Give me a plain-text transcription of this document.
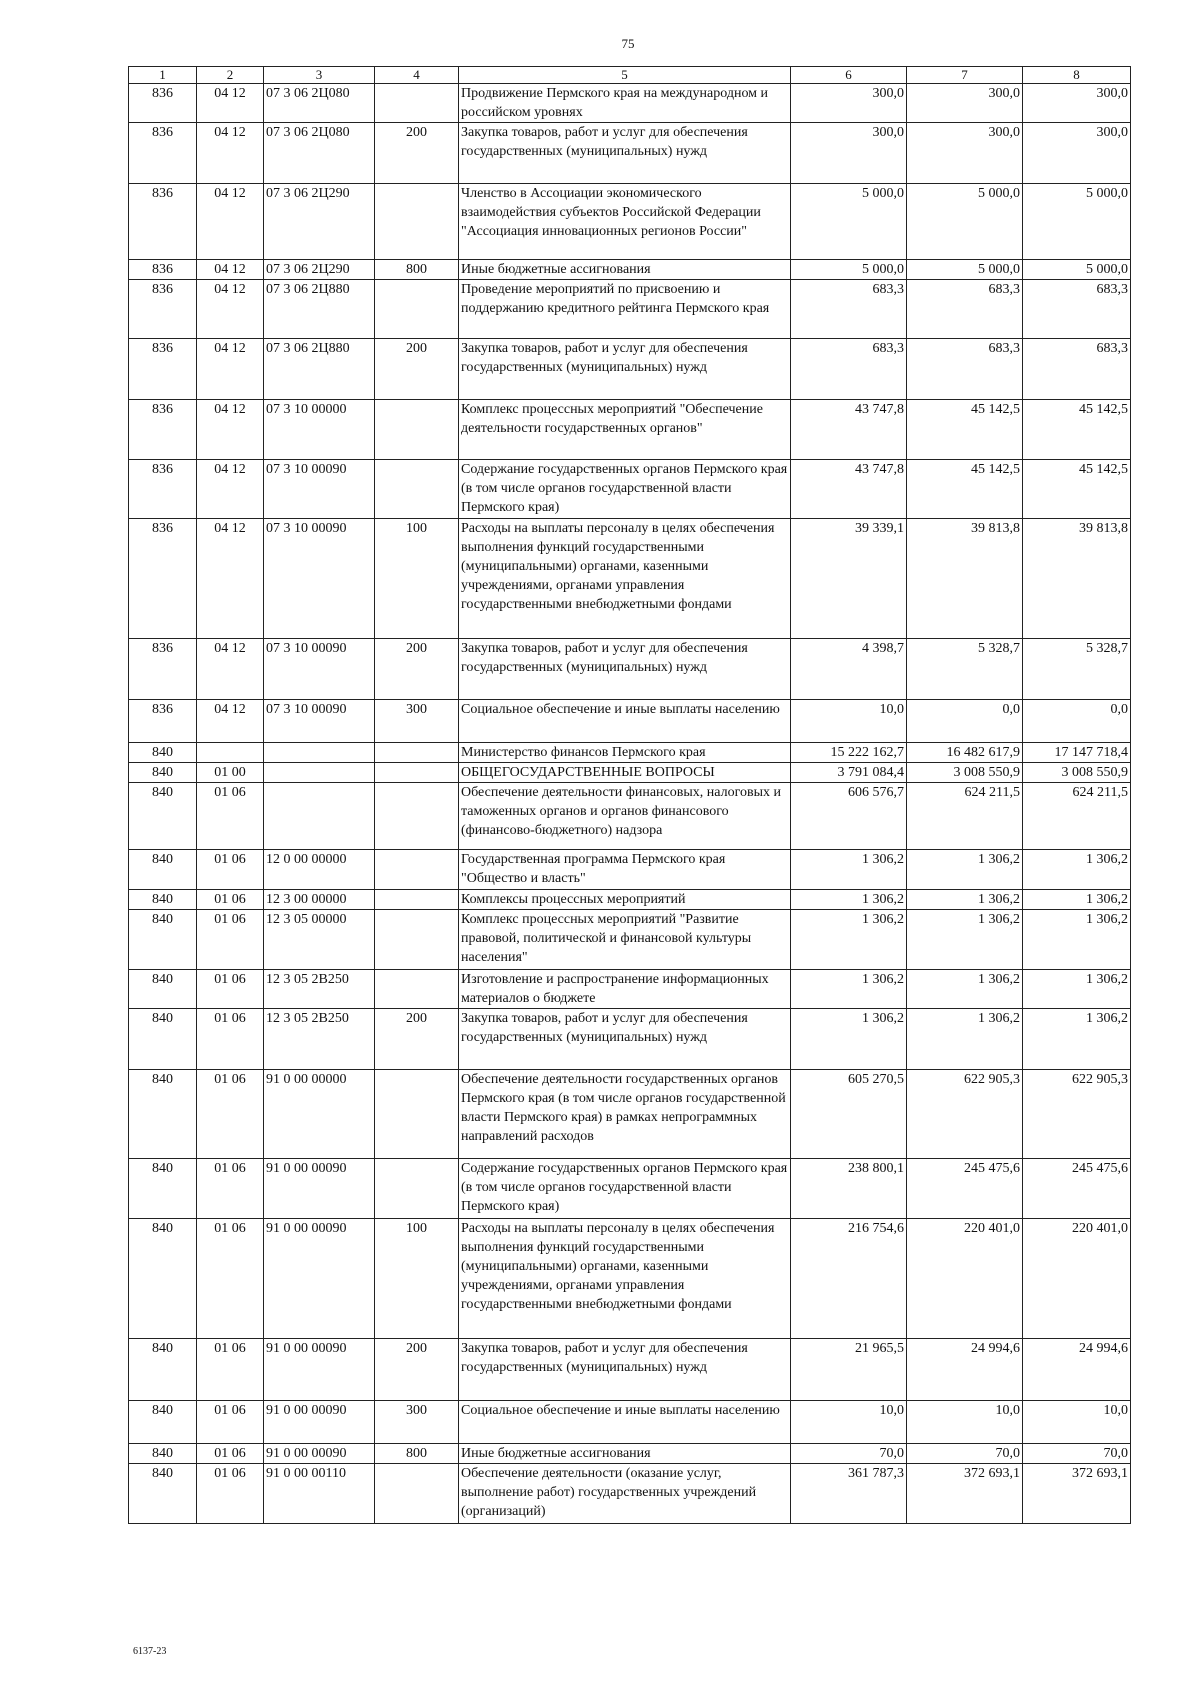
75
1	2	3	4	5	6	7	8
836	04 12	07 3 06 2Ц080		Продвижение Пермского края на международном и российском уровнях	300,0	300,0	300,0
836	04 12	07 3 06 2Ц080	200	Закупка товаров, работ и услуг для обеспечения государственных (муниципальных) нужд	300,0	300,0	300,0
836	04 12	07 3 06 2Ц290		Членство в Ассоциации экономического взаимодействия субъектов Российской Федерации "Ассоциация инновационных регионов России"	5 000,0	5 000,0	5 000,0
836	04 12	07 3 06 2Ц290	800	Иные бюджетные ассигнования	5 000,0	5 000,0	5 000,0
836	04 12	07 3 06 2Ц880		Проведение мероприятий по присвоению и поддержанию кредитного рейтинга Пермского края	683,3	683,3	683,3
836	04 12	07 3 06 2Ц880	200	Закупка товаров, работ и услуг для обеспечения государственных (муниципальных) нужд	683,3	683,3	683,3
836	04 12	07 3 10 00000		Комплекс процессных мероприятий "Обеспечение деятельности государственных органов"	43 747,8	45 142,5	45 142,5
836	04 12	07 3 10 00090		Содержание государственных органов Пермского края (в том числе органов государственной власти Пермского края)	43 747,8	45 142,5	45 142,5
836	04 12	07 3 10 00090	100	Расходы на выплаты персоналу в целях обеспечения выполнения функций государственными (муниципальными) органами, казенными учреждениями, органами управления государственными внебюджетными фондами	39 339,1	39 813,8	39 813,8
836	04 12	07 3 10 00090	200	Закупка товаров, работ и услуг для обеспечения государственных (муниципальных) нужд	4 398,7	5 328,7	5 328,7
836	04 12	07 3 10 00090	300	Социальное обеспечение и иные выплаты населению	10,0	0,0	0,0
840				Министерство финансов Пермского края	15 222 162,7	16 482 617,9	17 147 718,4
840	01 00			ОБЩЕГОСУДАРСТВЕННЫЕ ВОПРОСЫ	3 791 084,4	3 008 550,9	3 008 550,9
840	01 06			Обеспечение деятельности финансовых, налоговых и таможенных органов и органов финансового (финансово-бюджетного) надзора	606 576,7	624 211,5	624 211,5
840	01 06	12 0 00 00000		Государственная программа Пермского края "Общество и власть"	1 306,2	1 306,2	1 306,2
840	01 06	12 3 00 00000		Комплексы процессных мероприятий	1 306,2	1 306,2	1 306,2
840	01 06	12 3 05 00000		Комплекс процессных мероприятий "Развитие правовой, политической и финансовой культуры населения"	1 306,2	1 306,2	1 306,2
840	01 06	12 3 05 2В250		Изготовление и распространение информационных материалов о бюджете	1 306,2	1 306,2	1 306,2
840	01 06	12 3 05 2В250	200	Закупка товаров, работ и услуг для обеспечения государственных (муниципальных) нужд	1 306,2	1 306,2	1 306,2
840	01 06	91 0 00 00000		Обеспечение деятельности государственных органов Пермского края (в том числе органов государственной власти Пермского края) в рамках непрограммных направлений расходов	605 270,5	622 905,3	622 905,3
840	01 06	91 0 00 00090		Содержание государственных органов Пермского края (в том числе органов государственной власти Пермского края)	238 800,1	245 475,6	245 475,6
840	01 06	91 0 00 00090	100	Расходы на выплаты персоналу в целях обеспечения выполнения функций государственными (муниципальными) органами, казенными учреждениями, органами управления государственными внебюджетными фондами	216 754,6	220 401,0	220 401,0
840	01 06	91 0 00 00090	200	Закупка товаров, работ и услуг для обеспечения государственных (муниципальных) нужд	21 965,5	24 994,6	24 994,6
840	01 06	91 0 00 00090	300	Социальное обеспечение и иные выплаты населению	10,0	10,0	10,0
840	01 06	91 0 00 00090	800	Иные бюджетные ассигнования	70,0	70,0	70,0
840	01 06	91 0 00 00110		Обеспечение деятельности (оказание услуг, выполнение работ) государственных учреждений (организаций)	361 787,3	372 693,1	372 693,1
6137-23
